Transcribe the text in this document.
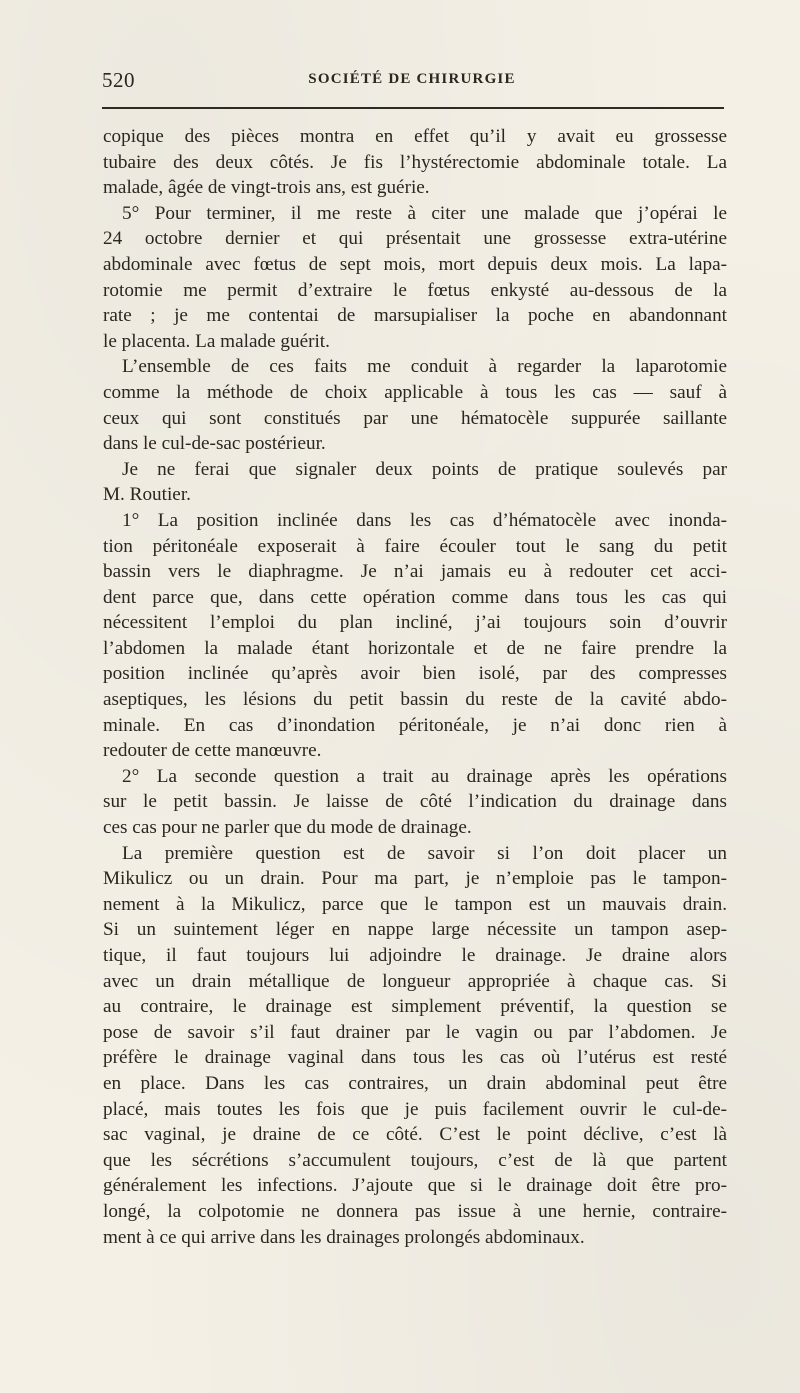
520	SOCIÉTÉ DE CHIRURGIE
copique des pièces montra en effet qu’il y avait eu grossesse
tubaire des deux côtés. Je fis l’hystérectomie abdominale totale. La
malade, âgée de vingt-trois ans, est guérie.
5° Pour terminer, il me reste à citer une malade que j’opérai le
24 octobre dernier et qui présentait une grossesse extra-utérine
abdominale avec fœtus de sept mois, mort depuis deux mois. La lapa-
rotomie me permit d’extraire le fœtus enkysté au-dessous de la
rate ; je me contentai de marsupialiser la poche en abandonnant
le placenta. La malade guérit.
L’ensemble de ces faits me conduit à regarder la laparotomie
comme la méthode de choix applicable à tous les cas — sauf à
ceux qui sont constitués par une hématocèle suppurée saillante
dans le cul-de-sac postérieur.
Je ne ferai que signaler deux points de pratique soulevés par
M. Routier.
1° La position inclinée dans les cas d’hématocèle avec inonda-
tion péritonéale exposerait à faire écouler tout le sang du petit
bassin vers le diaphragme. Je n’ai jamais eu à redouter cet acci-
dent parce que, dans cette opération comme dans tous les cas qui
nécessitent l’emploi du plan incliné, j’ai toujours soin d’ouvrir
l’abdomen la malade étant horizontale et de ne faire prendre la
position inclinée qu’après avoir bien isolé, par des compresses
aseptiques, les lésions du petit bassin du reste de la cavité abdo-
minale. En cas d’inondation péritonéale, je n’ai donc rien à
redouter de cette manœuvre.
2° La seconde question a trait au drainage après les opérations
sur le petit bassin. Je laisse de côté l’indication du drainage dans
ces cas pour ne parler que du mode de drainage.
La première question est de savoir si l’on doit placer un
Mikulicz ou un drain. Pour ma part, je n’emploie pas le tampon-
nement à la Mikulicz, parce que le tampon est un mauvais drain.
Si un suintement léger en nappe large nécessite un tampon asep-
tique, il faut toujours lui adjoindre le drainage. Je draine alors
avec un drain métallique de longueur appropriée à chaque cas. Si
au contraire, le drainage est simplement préventif, la question se
pose de savoir s’il faut drainer par le vagin ou par l’abdomen. Je
préfère le drainage vaginal dans tous les cas où l’utérus est resté
en place. Dans les cas contraires, un drain abdominal peut être
placé, mais toutes les fois que je puis facilement ouvrir le cul-de-
sac vaginal, je draine de ce côté. C’est le point déclive, c’est là
que les sécrétions s’accumulent toujours, c’est de là que partent
généralement les infections. J’ajoute que si le drainage doit être pro-
longé, la colpotomie ne donnera pas issue à une hernie, contraire-
ment à ce qui arrive dans les drainages prolongés abdominaux.
